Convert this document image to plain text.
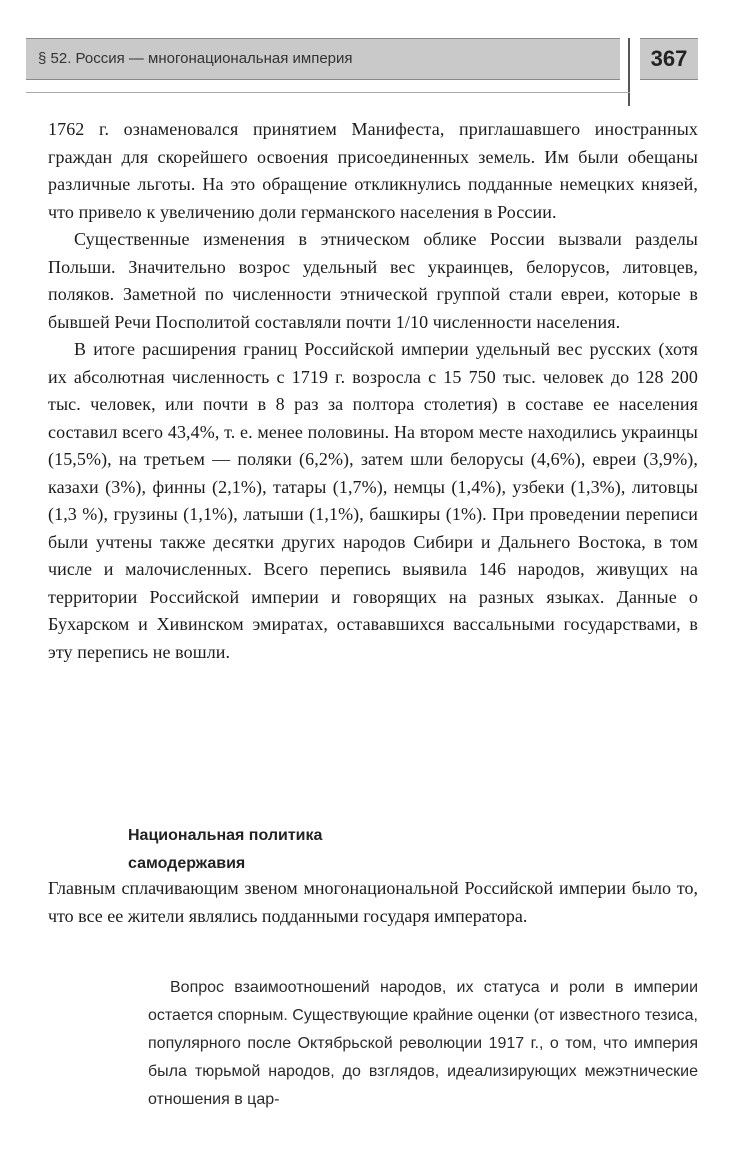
§ 52. Россия — многонациональная империя	367

1762 г. ознаменовался принятием Манифеста, приглашавшего иностранных граждан для скорейшего освоения присоединенных земель. Им были обещаны различные льготы. На это обращение откликнулись подданные немецких князей, что привело к увеличению доли германского населения в России.

Существенные изменения в этническом облике России вызвали разделы Польши. Значительно возрос удельный вес украинцев, белорусов, литовцев, поляков. Заметной по численности этнической группой стали евреи, которые в бывшей Речи Посполитой составляли почти 1/10 численности населения.

В итоге расширения границ Российской империи удельный вес русских (хотя их абсолютная численность с 1719 г. возросла с 15 750 тыс. человек до 128 200 тыс. человек, или почти в 8 раз за полтора столетия) в составе ее населения составил всего 43,4%, т. е. менее половины. На втором месте находились украинцы (15,5%), на третьем — поляки (6,2%), затем шли белорусы (4,6%), евреи (3,9%), казахи (3%), финны (2,1%), татары (1,7%), немцы (1,4%), узбеки (1,3%), литовцы (1,3 %), грузины (1,1%), латыши (1,1%), башкиры (1%). При проведении переписи были учтены также десятки других народов Сибири и Дальнего Востока, в том числе и малочисленных. Всего перепись выявила 146 народов, живущих на территории Российской империи и говорящих на разных языках. Данные о Бухарском и Хивинском эмиратах, остававшихся вассальными государствами, в эту перепись не вошли.

Национальная политика
самодержавия

Главным сплачивающим звеном многонациональной Российской империи было то, что все ее жители являлись подданными государя императора.

Вопрос взаимоотношений народов, их статуса и роли в империи остается спорным. Существующие крайние оценки (от известного тезиса, популярного после Октябрьской революции 1917 г., о том, что империя была тюрьмой народов, до взглядов, идеализирующих межэтнические отношения в цар-
